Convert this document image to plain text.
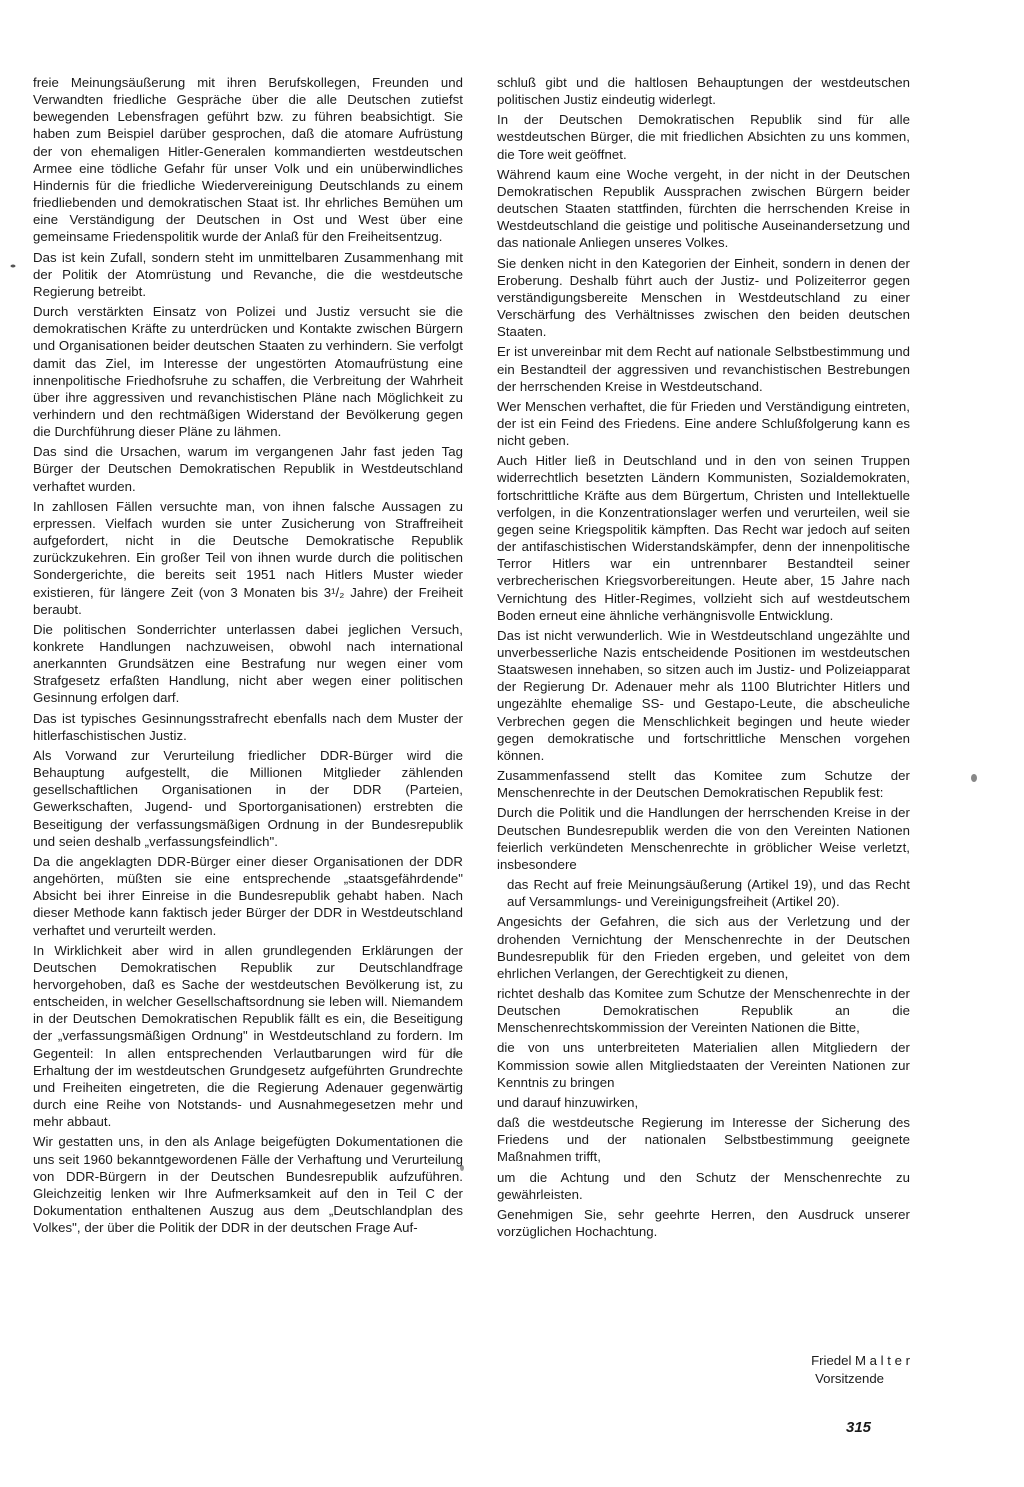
freie Meinungsäußerung mit ihren Berufskollegen, Freunden und Verwandten friedliche Gespräche über die alle Deutschen zutiefst bewegenden Lebensfragen geführt bzw. zu führen beabsichtigt. Sie haben zum Beispiel darüber gesprochen, daß die atomare Aufrüstung der von ehemaligen Hitler-Generalen kommandierten westdeutschen Armee eine tödliche Gefahr für unser Volk und ein unüberwindliches Hindernis für die friedliche Wiedervereinigung Deutschlands zu einem friedliebenden und demokratischen Staat ist. Ihr ehrliches Bemühen um eine Verständigung der Deutschen in Ost und West über eine gemeinsame Friedenspolitik wurde der Anlaß für den Freiheitsentzug.

Das ist kein Zufall, sondern steht im unmittelbaren Zusammenhang mit der Politik der Atomrüstung und Revanche, die die westdeutsche Regierung betreibt.

Durch verstärkten Einsatz von Polizei und Justiz versucht sie die demokratischen Kräfte zu unterdrücken und Kontakte zwischen Bürgern und Organisationen beider deutschen Staaten zu verhindern. Sie verfolgt damit das Ziel, im Interesse der ungestörten Atomaufrüstung eine innenpolitische Friedhofsruhe zu schaffen, die Verbreitung der Wahrheit über ihre aggressiven und revanchistischen Pläne nach Möglichkeit zu verhindern und den rechtmäßigen Widerstand der Bevölkerung gegen die Durchführung dieser Pläne zu lähmen.

Das sind die Ursachen, warum im vergangenen Jahr fast jeden Tag Bürger der Deutschen Demokratischen Republik in Westdeutschland verhaftet wurden.

In zahllosen Fällen versuchte man, von ihnen falsche Aussagen zu erpressen. Vielfach wurden sie unter Zusicherung von Straffreiheit aufgefordert, nicht in die Deutsche Demokratische Republik zurückzukehren. Ein großer Teil von ihnen wurde durch die politischen Sondergerichte, die bereits seit 1951 nach Hitlers Muster wieder existieren, für längere Zeit (von 3 Monaten bis 3¹/₂ Jahre) der Freiheit beraubt.

Die politischen Sonderrichter unterlassen dabei jeglichen Versuch, konkrete Handlungen nachzuweisen, obwohl nach international anerkannten Grundsätzen eine Bestrafung nur wegen einer vom Strafgesetz erfaßten Handlung, nicht aber wegen einer politischen Gesinnung erfolgen darf.

Das ist typisches Gesinnungsstrafrecht ebenfalls nach dem Muster der hitlerfaschistischen Justiz.

Als Vorwand zur Verurteilung friedlicher DDR-Bürger wird die Behauptung aufgestellt, die Millionen Mitglieder zählenden gesellschaftlichen Organisationen in der DDR (Parteien, Gewerkschaften, Jugend- und Sportorganisationen) erstrebten die Beseitigung der verfassungsmäßigen Ordnung in der Bundesrepublik und seien deshalb „verfassungsfeindlich".

Da die angeklagten DDR-Bürger einer dieser Organisationen der DDR angehörten, müßten sie eine entsprechende „staatsgefährdende" Absicht bei ihrer Einreise in die Bundesrepublik gehabt haben. Nach dieser Methode kann faktisch jeder Bürger der DDR in Westdeutschland verhaftet und verurteilt werden.

In Wirklichkeit aber wird in allen grundlegenden Erklärungen der Deutschen Demokratischen Republik zur Deutschlandfrage hervorgehoben, daß es Sache der westdeutschen Bevölkerung ist, zu entscheiden, in welcher Gesellschaftsordnung sie leben will. Niemandem in der Deutschen Demokratischen Republik fällt es ein, die Beseitigung der „verfassungsmäßigen Ordnung" in Westdeutschland zu fordern. Im Gegenteil: In allen entsprechenden Verlautbarungen wird für die Erhaltung der im westdeutschen Grundgesetz aufgeführten Grundrechte und Freiheiten eingetreten, die die Regierung Adenauer gegenwärtig durch eine Reihe von Notstands- und Ausnahmegesetzen mehr und mehr abbaut.

Wir gestatten uns, in den als Anlage beigefügten Dokumentationen die uns seit 1960 bekanntgewordenen Fälle der Verhaftung und Verurteilung von DDR-Bürgern in der Deutschen Bundesrepublik aufzuführen. Gleichzeitig lenken wir Ihre Aufmerksamkeit auf den in Teil C der Dokumentation enthaltenen Auszug aus dem „Deutschlandplan des Volkes", der über die Politik der DDR in der deutschen Frage Auf-

schluß gibt und die haltlosen Behauptungen der westdeutschen politischen Justiz eindeutig widerlegt.

In der Deutschen Demokratischen Republik sind für alle westdeutschen Bürger, die mit friedlichen Absichten zu uns kommen, die Tore weit geöffnet.

Während kaum eine Woche vergeht, in der nicht in der Deutschen Demokratischen Republik Aussprachen zwischen Bürgern beider deutschen Staaten stattfinden, fürchten die herrschenden Kreise in Westdeutschland die geistige und politische Auseinandersetzung und das nationale Anliegen unseres Volkes.

Sie denken nicht in den Kategorien der Einheit, sondern in denen der Eroberung. Deshalb führt auch der Justiz- und Polizeiterror gegen verständigungsbereite Menschen in Westdeutschland zu einer Verschärfung des Verhältnisses zwischen den beiden deutschen Staaten.

Er ist unvereinbar mit dem Recht auf nationale Selbstbestimmung und ein Bestandteil der aggressiven und revanchistischen Bestrebungen der herrschenden Kreise in Westdeutschand.

Wer Menschen verhaftet, die für Frieden und Verständigung eintreten, der ist ein Feind des Friedens. Eine andere Schlußfolgerung kann es nicht geben.

Auch Hitler ließ in Deutschland und in den von seinen Truppen widerrechtlich besetzten Ländern Kommunisten, Sozialdemokraten, fortschrittliche Kräfte aus dem Bürgertum, Christen und Intellektuelle verfolgen, in die Konzentrationslager werfen und verurteilen, weil sie gegen seine Kriegspolitik kämpften. Das Recht war jedoch auf seiten der antifaschistischen Widerstandskämpfer, denn der innenpolitische Terror Hitlers war ein untrennbarer Bestandteil seiner verbrecherischen Kriegsvorbereitungen. Heute aber, 15 Jahre nach Vernichtung des Hitler-Regimes, vollzieht sich auf westdeutschem Boden erneut eine ähnliche verhängnisvolle Entwicklung.

Das ist nicht verwunderlich. Wie in Westdeutschland ungezählte und unverbesserliche Nazis entscheidende Positionen im westdeutschen Staatswesen innehaben, so sitzen auch im Justiz- und Polizeiapparat der Regierung Dr. Adenauer mehr als 1100 Blutrichter Hitlers und ungezählte ehemalige SS- und Gestapo-Leute, die abscheuliche Verbrechen gegen die Menschlichkeit begingen und heute wieder gegen demokratische und fortschrittliche Menschen vorgehen können.

Zusammenfassend stellt das Komitee zum Schutze der Menschenrechte in der Deutschen Demokratischen Republik fest:

Durch die Politik und die Handlungen der herrschenden Kreise in der Deutschen Bundesrepublik werden die von den Vereinten Nationen feierlich verkündeten Menschenrechte in gröblicher Weise verletzt, insbesondere

das Recht auf freie Meinungsäußerung (Artikel 19), und das Recht auf Versammlungs- und Vereinigungsfreiheit (Artikel 20).

Angesichts der Gefahren, die sich aus der Verletzung und der drohenden Vernichtung der Menschenrechte in der Deutschen Bundesrepublik für den Frieden ergeben, und geleitet von dem ehrlichen Verlangen, der Gerechtigkeit zu dienen,

richtet deshalb das Komitee zum Schutze der Menschenrechte in der Deutschen Demokratischen Republik an die Menschenrechtskommission der Vereinten Nationen die Bitte,

die von uns unterbreiteten Materialien allen Mitgliedern der Kommission sowie allen Mitgliedstaaten der Vereinten Nationen zur Kenntnis zu bringen

und darauf hinzuwirken,

daß die westdeutsche Regierung im Interesse der Sicherung des Friedens und der nationalen Selbstbestimmung geeignete Maßnahmen trifft,

um die Achtung und den Schutz der Menschenrechte zu gewährleisten.

Genehmigen Sie, sehr geehrte Herren, den Ausdruck unserer vorzüglichen Hochachtung.

Friedel M a l t e r

Vorsitzende
315
